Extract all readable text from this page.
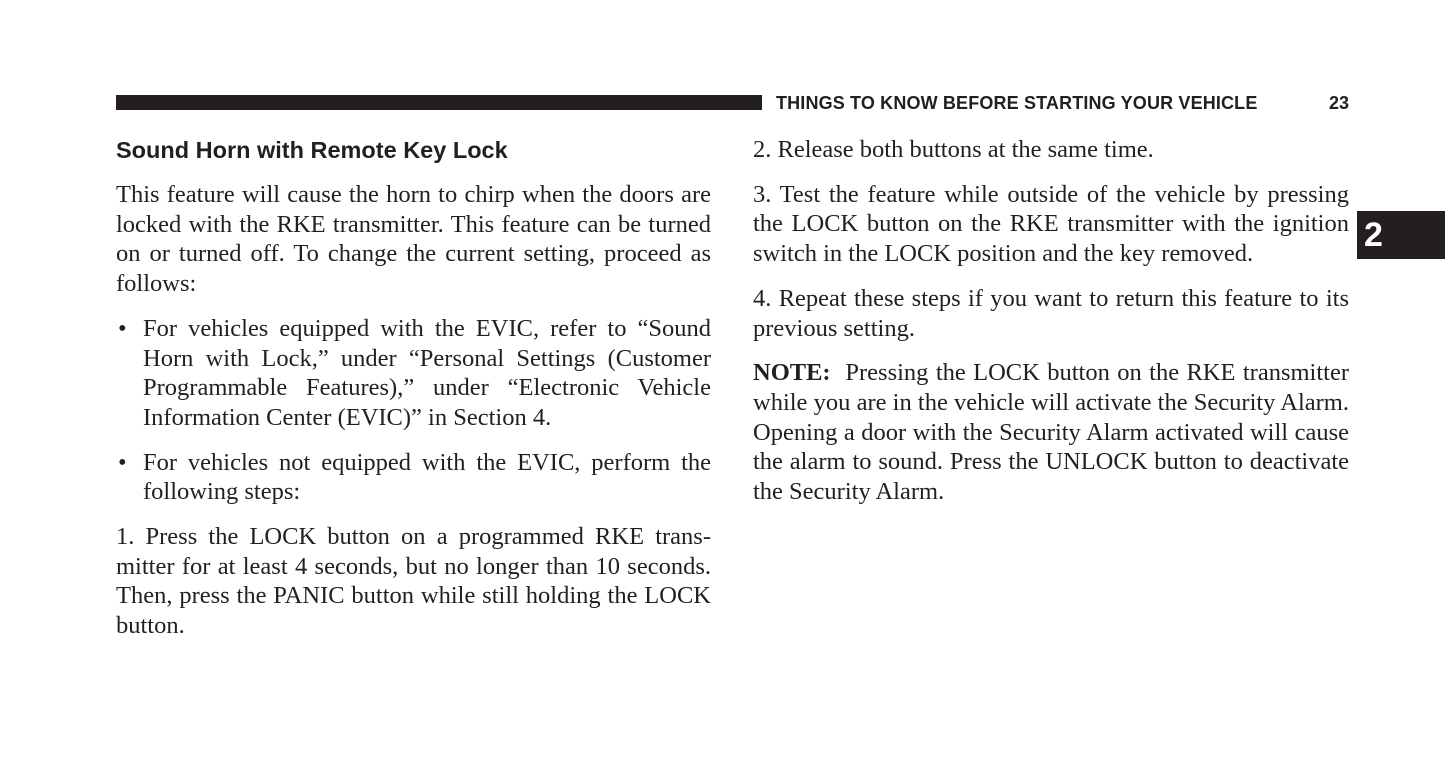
THINGS TO KNOW BEFORE STARTING YOUR VEHICLE	23
2
Sound Horn with Remote Key Lock

This feature will cause the horn to chirp when the doors are locked with the RKE transmitter. This feature can be turned on or turned off. To change the current setting, proceed as follows:

• For vehicles equipped with the EVIC, refer to “Sound Horn with Lock,” under “Personal Settings (Customer Programmable Features),” under “Electronic Vehicle Information Center (EVIC)” in Section 4.
• For vehicles not equipped with the EVIC, perform the following steps:

1. Press the LOCK button on a programmed RKE transmitter for at least 4 seconds, but no longer than 10 seconds. Then, press the PANIC button while still holding the LOCK button.

2. Release both buttons at the same time.

3. Test the feature while outside of the vehicle by pressing the LOCK button on the RKE transmitter with the ignition switch in the LOCK position and the key removed.

4. Repeat these steps if you want to return this feature to its previous setting.

NOTE: Pressing the LOCK button on the RKE transmitter while you are in the vehicle will activate the Security Alarm. Opening a door with the Security Alarm activated will cause the alarm to sound. Press the UNLOCK button to deactivate the Security Alarm.
